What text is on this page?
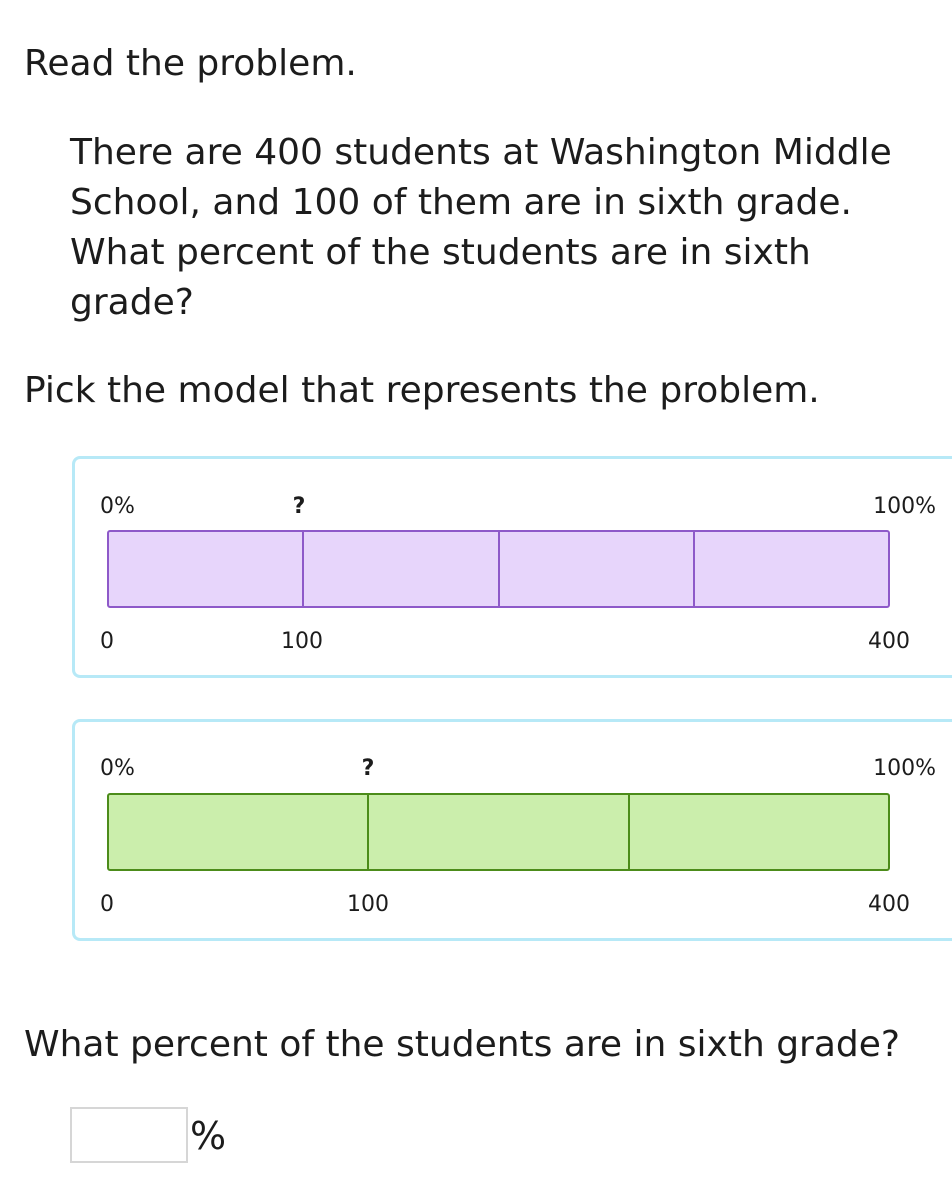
Read the problem.
There are 400 students at Washington Middle School, and 100 of them are in sixth grade. What percent of the students are in sixth grade?
Pick the model that represents the problem.
0%	?	100%
0	100	400
0%	?	100%
0	100	400
What percent of the students are in sixth grade?
%
